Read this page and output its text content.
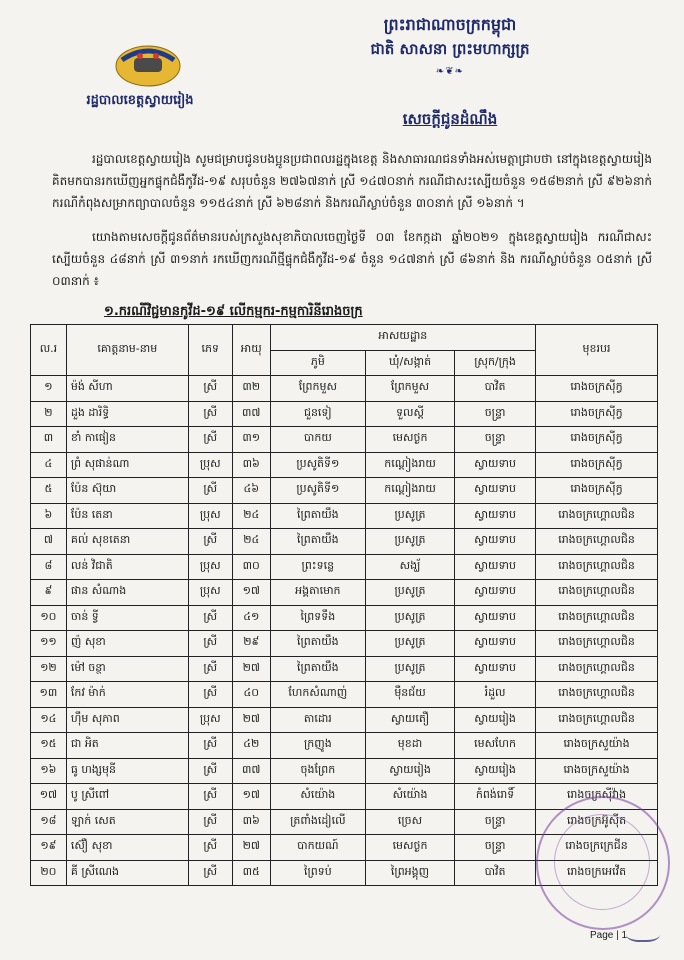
រដ្ឋបាលខេត្តស្វាយរៀង
ព្រះរាជាណាចក្រកម្ពុជា
ជាតិ សាសនា ព្រះមហាក្សត្រ
❧❦❧
សេចក្តីជូនដំណឹង
រដ្ឋបាលខេត្តស្វាយរៀង សូមជម្រាបជូនបងប្អូនប្រជាពលរដ្ឋក្នុងខេត្ត និងសាធារណជនទាំងអស់មេត្តាជ្រាបថា នៅក្នុងខេត្តស្វាយរៀងគិតមកបានរកឃើញអ្នកផ្ទុកជំងឺកូវីដ-១៩ សរុបចំនួន ២៧៦៧នាក់ ស្រី ១៤៧០នាក់ ករណីជាសះស្បើយចំនួន ១៥៨២នាក់ ស្រី ៩២៦នាក់ ករណីកំពុងសម្រាកព្យាបាលចំនួន ១១៥៤នាក់ ស្រី ៦២៨នាក់ និងករណីស្លាប់ចំនួន ៣០នាក់ ស្រី ១៦នាក់ ។
យោងតាមសេចក្តីជូនព័ត៌មានរបស់ក្រសួងសុខាភិបាលចេញថ្ងៃទី ០៣ ខែកក្កដា ឆ្នាំ២០២១ ក្នុងខេត្តស្វាយរៀង ករណីជាសះស្បើយចំនួន ៤៨នាក់ ស្រី ៣១នាក់ រកឃើញករណីថ្មីផ្ទុកជំងឺកូវីដ-១៩ ចំនួន ១៤៧នាក់ ស្រី ៨៦នាក់ និង ករណីស្លាប់ចំនួន ០៥នាក់ ស្រី ០៣នាក់ ៖
១.ករណីវិជ្ជមានកូវីដ-១៩ លើកម្មករ-កម្មការិនីរោងចក្រ
ល.រ	គោត្តនាម-នាម	ភេទ	អាយុ	អាសយដ្ឋាន			មុខរបរ
				ភូមិ	ឃុំ/សង្កាត់	ស្រុក/ក្រុង	
១	ម៉ង់ សីហា	ស្រី	៣២	ព្រែកមួស	ព្រែកមួស	បាវិត	រោងចក្រស៊ីក្វ
២	ដួង ដារិទ្ធិ	ស្រី	៣៧	ជួនទៀ	ទួលស្តី	ចន្ទ្រា	រោងចក្រស៊ីក្វ
៣	ខាំ កាផៀន	ស្រី	៣១	បាកយ	មេសថ្ងក	ចន្ទ្រា	រោងចក្រស៊ីក្វ
៤	ព្រំ សុផាន់ណា	ប្រុស	៣៦	ប្រសូតិទី១	កណ្តៀងរាយ	ស្វាយទាប	រោងចក្រស៊ីក្វ
៥	ប៉ែន ស៊ុយា	ស្រី	៤៦	ប្រសូតិទី១	កណ្តៀងរាយ	ស្វាយទាប	រោងចក្រស៊ីក្វ
៦	ប៉ែន តេនា	ប្រុស	២៤	ព្រៃតាយឹង	ប្រសូត្រ	ស្វាយទាប	រោងចក្រហ្គោលជិន
៧	គល់ សុខតេនា	ស្រី	២៤	ព្រៃតាយឹង	ប្រសូត្រ	ស្វាយទាប	រោងចក្រហ្គោលជិន
៨	លន់ វិជាតិ	ប្រុស	៣០	ព្រះទន្លេ	សង្ឃ័	ស្វាយទាប	រោងចក្រហ្គោលជិន
៩	ផាន សំណាង	ប្រុស	១៧	អង្គតាមោក	ប្រសូត្រ	ស្វាយទាប	រោងចក្រហ្គោលជិន
១០	ចាន់ ទ្វី	ស្រី	៤១	ព្រៃទទឹង	ប្រសូត្រ	ស្វាយទាប	រោងចក្រហ្គោលជិន
១១	ញ៉ សុខា	ស្រី	២៩	ព្រៃតាយឹង	ប្រសូត្រ	ស្វាយទាប	រោងចក្រហ្គោលជិន
១២	ម៉ៅ ចន្ថា	ស្រី	២៧	ព្រៃតាយឹង	ប្រសូត្រ	ស្វាយទាប	រោងចក្រហ្គោលជិន
១៣	កែវ ម៉ាក់	ស្រី	៤០	ហែកសំណាញ់	ម៉ឺនជ័យ	រំដួល	រោងចក្រហ្គោលជិន
១៤	ហ៊ឹម សុភាព	ប្រុស	២៧	តាដោរ	ស្វាយតឿ	ស្វាយរៀង	រោងចក្រហ្គោលជិន
១៥	ជា អិត	ស្រី	៤២	ក្រញូង	មុខដា	មេសហែក	រោងចក្រសួយ៉ាង
១៦	ធូ ហង្សមុនី	ស្រី	៣៧	ចុងព្រែក	ស្វាយរៀង	ស្វាយរៀង	រោងចក្រសួយ៉ាង
១៧	បូ ស្រីពៅ	ស្រី	១៧	សំយ៉ោង	សំយ៉ោង	កំពង់រោទិ៍	រោងចក្រស៊ីវ៉ាង
១៨	ឡាក់ សេត	ស្រី	៣៦	ត្រពាំងដៀលើ	ច្រេស	ចន្ទ្រា	រោងចក្រអ៊ូស៊ីត
១៩	ស៊ឿ សុខា	ស្រី	២៧	បាកយណ៍	មេសថ្ងក	ចន្ទ្រា	រោងចក្រក្រេជីន
២០	គី ស្រីណេង	ស្រី	៣៥	ព្រៃទប់	ព្រៃអង្គុញ	បាវិត	រោងចក្រអេវើត
Page | 1
